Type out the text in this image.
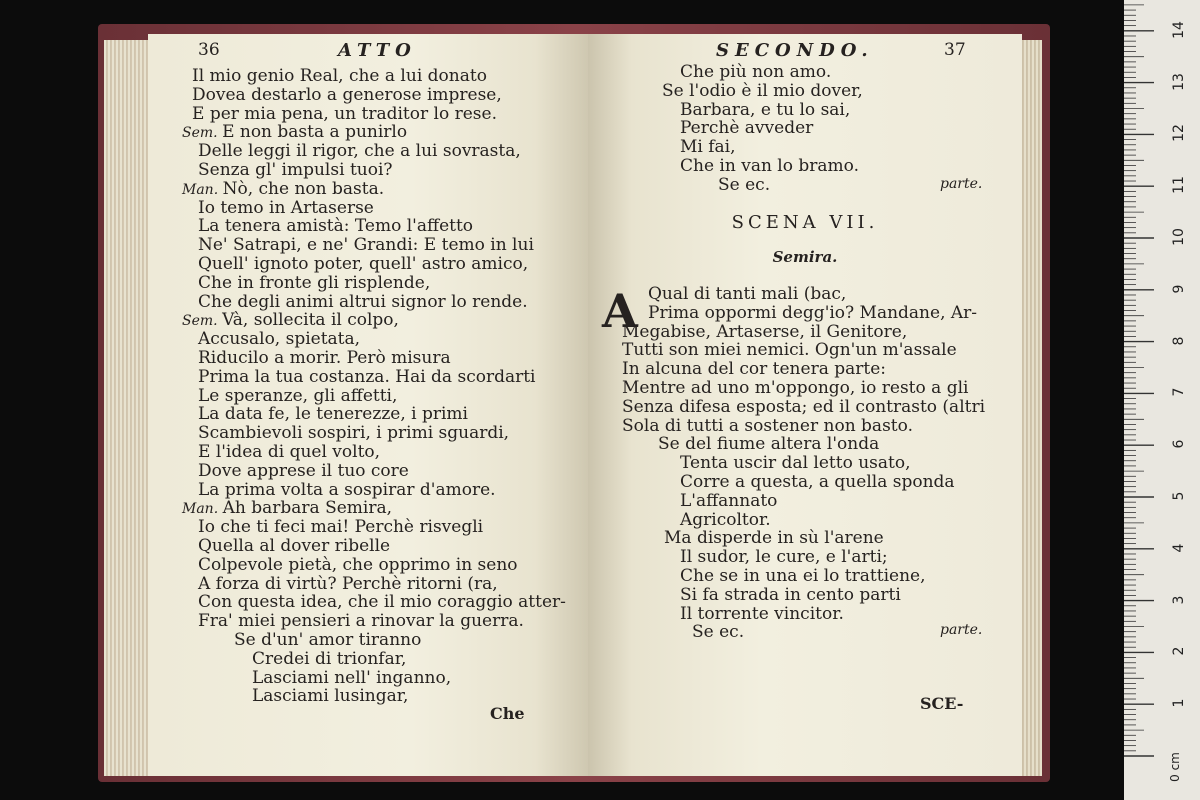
36	ATTO
Il mio genio Real, che a lui donato
Dovea destarlo a generose imprese,
E per mia pena, un traditor lo rese.
Sem. E non basta a punirlo
Delle leggi il rigor, che a lui sovrasta,
Senza gl' impulsi tuoi?
Man. Nò, che non basta.
Io temo in Artaserse
La tenera amistà: Temo l'affetto
Ne' Satrapi, e ne' Grandi: E temo in lui
Quell' ignoto poter, quell' astro amico,
Che in fronte gli risplende,
Che degli animi altrui signor lo rende.
Sem. Và, sollecita il colpo,
Accusalo, spietata,
Riducilo a morir. Però misura
Prima la tua costanza. Hai da scordarti
Le speranze, gli affetti,
La data fe, le tenerezze, i primi
Scambievoli sospiri, i primi sguardi,
E l'idea di quel volto,
Dove apprese il tuo core
La prima volta a sospirar d'amore.
Man. Ah barbara Semira,
Io che ti feci mai! Perchè risvegli
Quella al dover ribelle
Colpevole pietà, che opprimo in seno
A forza di virtù? Perchè ritorni (ra,
Con questa idea, che il mio coraggio atter-
Fra' miei pensieri a rinovar la guerra.
Se d'un' amor tiranno
Credei di trionfar,
Lasciami nell' inganno,
Lasciami lusingar,
Che
SECONDO.	37
Che più non amo.
Se l'odio è il mio dover,
Barbara, e tu lo sai,
Perchè avveder
Mi fai,
Che in van lo bramo.
Se ec.	parte.
SCENA VII.
Semira.
A Qual di tanti mali (bac,
Prima oppormi degg'io? Mandane, Ar-
Megabise, Artaserse, il Genitore,
Tutti son miei nemici. Ogn'un m'assale
In alcuna del cor tenera parte:
Mentre ad uno m'oppongo, io resto a gli
Senza difesa esposta; ed il contrasto (altri
Sola di tutti a sostener non basto.
Se del fiume altera l'onda
Tenta uscir dal letto usato,
Corre a questa, a quella sponda
L'affannato
Agricoltor.
Ma disperde in sù l'arene
Il sudor, le cure, e l'arti;
Che se in una ei lo trattiene,
Si fa strada in cento parti
Il torrente vincitor.
Se ec.	parte.
SCE-	1
2
3
4
5
6
7
8
9
10
11
12
13
14
0 cm
